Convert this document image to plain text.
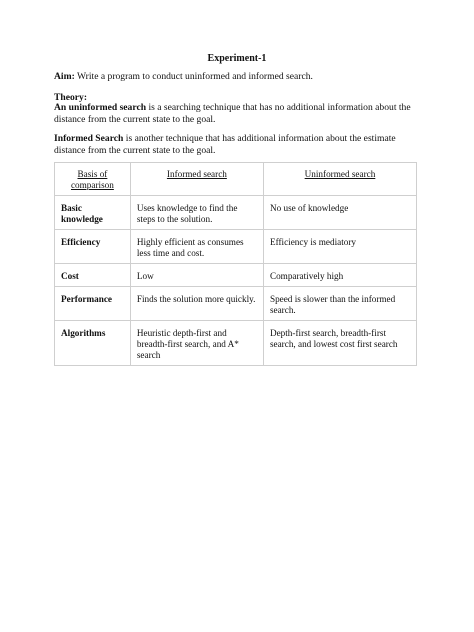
Experiment-1
Aim: Write a program to conduct uninformed and informed search.
Theory:
An uninformed search is a searching technique that has no additional information about the distance from the current state to the goal.
Informed Search is another technique that has additional information about the estimate distance from the current state to the goal.
Basis of comparison	Informed search	Uninformed search
Basic knowledge	Uses knowledge to find the steps to the solution.	No use of knowledge
Efficiency	Highly efficient as consumes less time and cost.	Efficiency is mediatory
Cost	Low	Comparatively high
Performance	Finds the solution more quickly.	Speed is slower than the informed search.
Algorithms	Heuristic depth-first and breadth-first search, and A* search	Depth-first search, breadth-first search, and lowest cost first search
